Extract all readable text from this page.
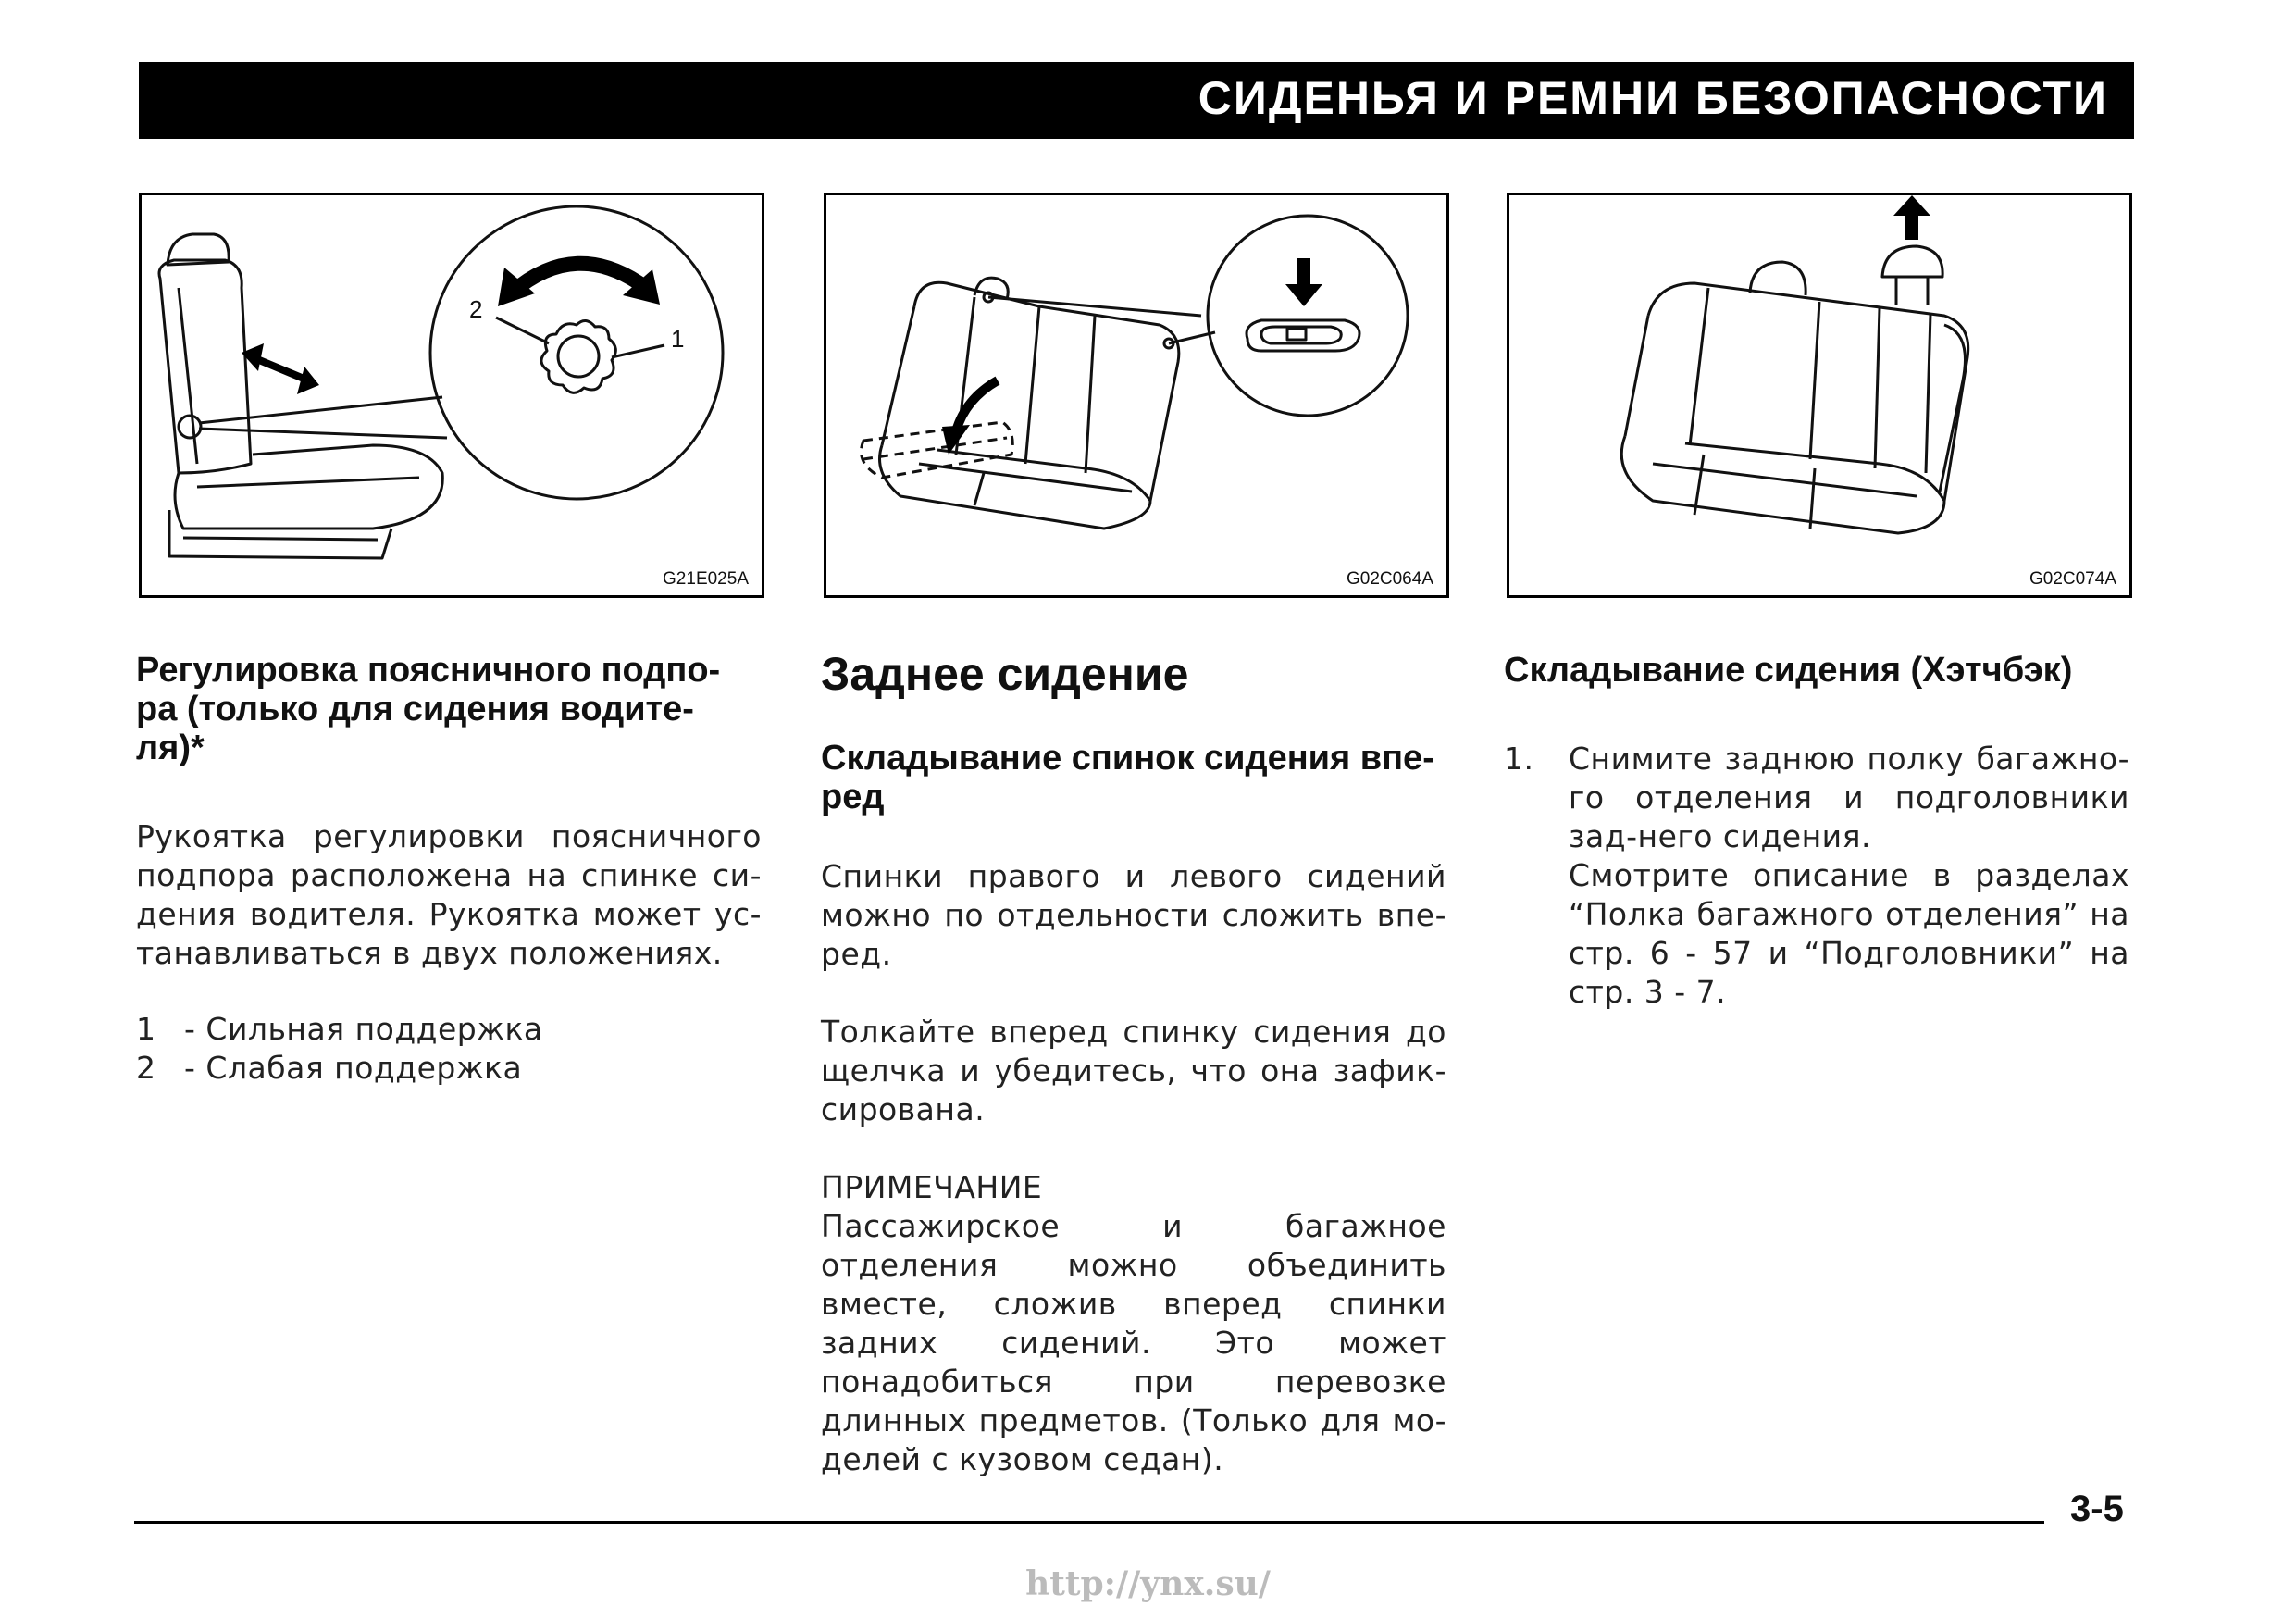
СИДЕНЬЯ И РЕМНИ БЕЗОПАСНОСТИ
2
1
G21E025A	G02C064A	G02C074A
Регулировка поясничного подпо-
ра (только для сидения водите-
ля)*

Рукоятка регулировки поясничного подпора расположена на спинке си-дения водителя. Рукоятка может ус-танавливаться в двух положениях.

1 - Сильная поддержка
2 - Слабая поддержка
Заднее сидение
Складывание спинок сидения впе-
ред

Спинки правого и левого сидений можно по отдельности сложить впе-ред.

Толкайте вперед спинку сидения до щелчка и убедитесь, что она зафик-сирована.

ПРИМЕЧАНИЕ

Пассажирское и багажное отделения можно объединить вместе, сложив вперед спинки задних сидений. Это может понадобиться при перевозке длинных предметов. (Только для мо-делей с кузовом седан).

Складывание сидения (Хэтчбэк)
1.	Снимите заднюю полку багажно-го отделения и подголовники зад-него сидения.

Смотрите описание в разделах “Полка багажного отделения” на стр. 6 - 57 и “Подголовники” на стр. 3 - 7.

3-5
http://ynx.su/
